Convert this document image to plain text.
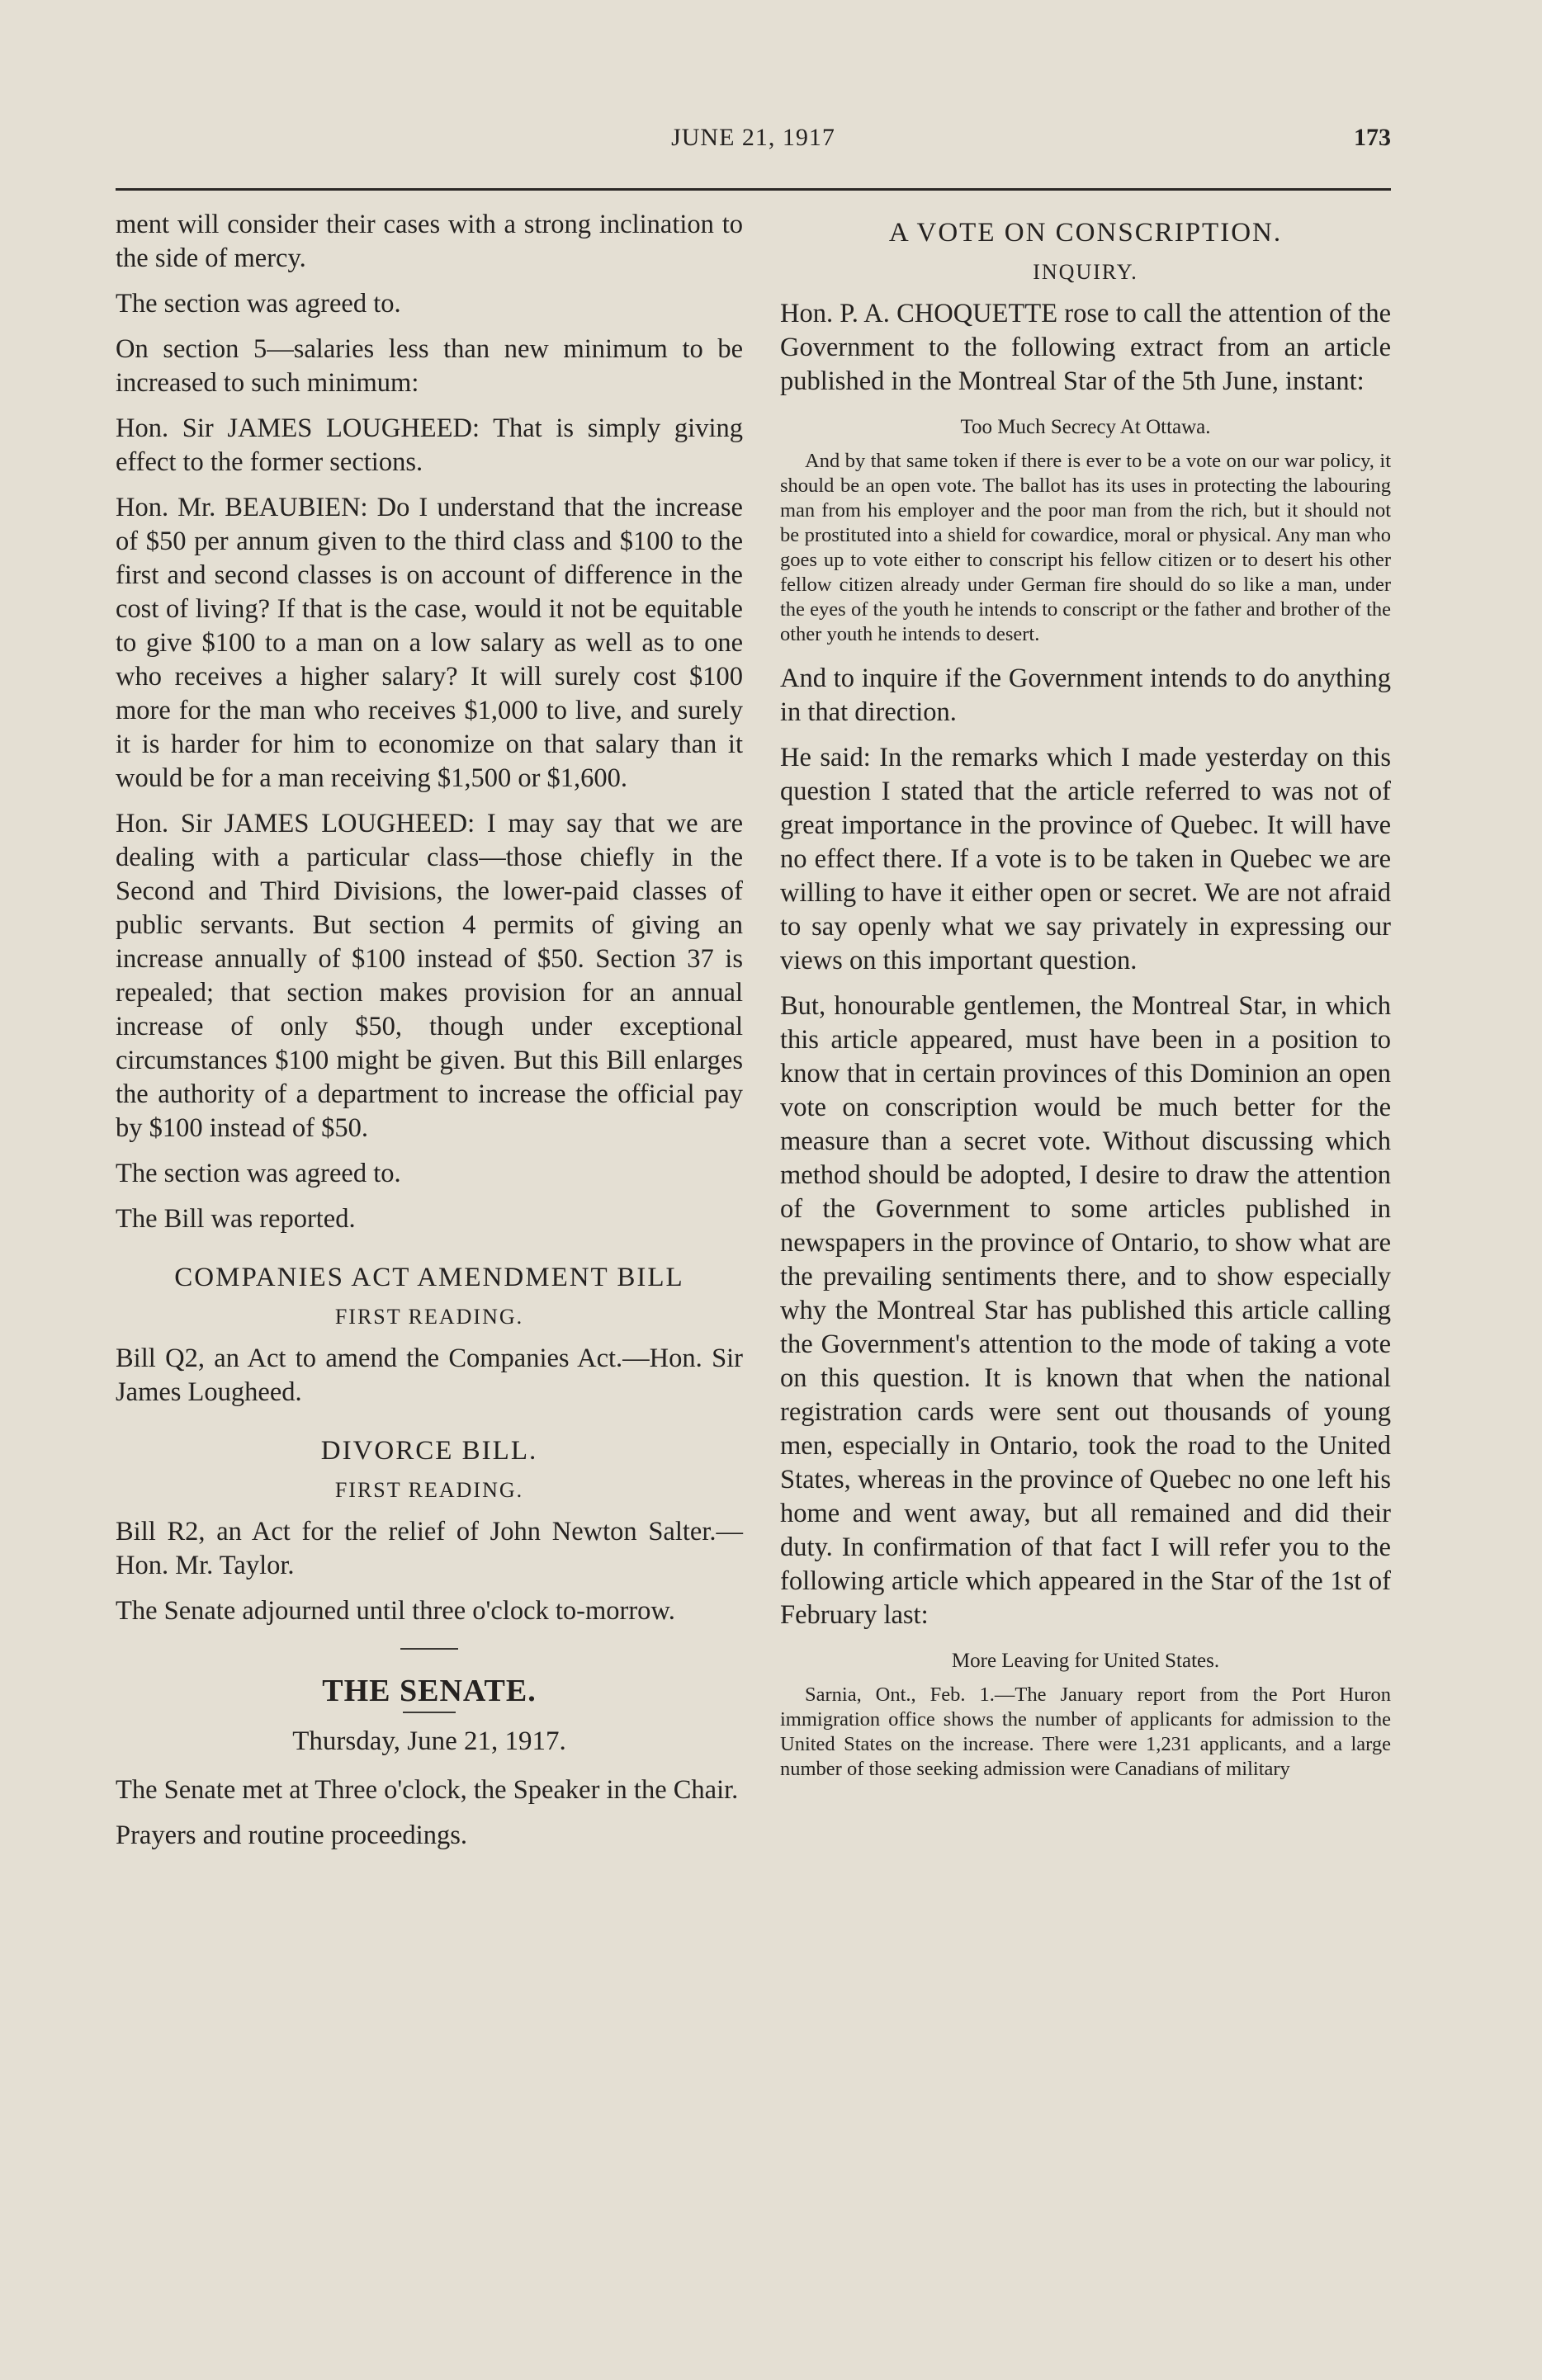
JUNE 21, 1917	173

ment will consider their cases with a strong inclination to the side of mercy.

The section was agreed to.

On section 5—salaries less than new minimum to be increased to such minimum:

Hon. Sir JAMES LOUGHEED: That is simply giving effect to the former sections.

Hon. Mr. BEAUBIEN: Do I understand that the increase of $50 per annum given to the third class and $100 to the first and second classes is on account of difference in the cost of living? If that is the case, would it not be equitable to give $100 to a man on a low salary as well as to one who receives a higher salary? It will surely cost $100 more for the man who receives $1,000 to live, and surely it is harder for him to economize on that salary than it would be for a man receiving $1,500 or $1,600.

Hon. Sir JAMES LOUGHEED: I may say that we are dealing with a particular class—those chiefly in the Second and Third Divisions, the lower-paid classes of public servants. But section 4 permits of giving an increase annually of $100 instead of $50. Section 37 is repealed; that section makes provision for an annual increase of only $50, though under exceptional circumstances $100 might be given. But this Bill enlarges the authority of a department to increase the official pay by $100 instead of $50.

The section was agreed to.

The Bill was reported.

COMPANIES ACT AMENDMENT BILL
FIRST READING.

Bill Q2, an Act to amend the Companies Act.—Hon. Sir James Lougheed.

DIVORCE BILL.
FIRST READING.

Bill R2, an Act for the relief of John Newton Salter.—Hon. Mr. Taylor.

The Senate adjourned until three o'clock to-morrow.

THE SENATE.
Thursday, June 21, 1917.

The Senate met at Three o'clock, the Speaker in the Chair.

Prayers and routine proceedings.

A VOTE ON CONSCRIPTION.
INQUIRY.

Hon. P. A. CHOQUETTE rose to call the attention of the Government to the following extract from an article published in the Montreal Star of the 5th June, instant:

Too Much Secrecy At Ottawa.
And by that same token if there is ever to be a vote on our war policy, it should be an open vote. The ballot has its uses in protecting the labouring man from his employer and the poor man from the rich, but it should not be prostituted into a shield for cowardice, moral or physical. Any man who goes up to vote either to conscript his fellow citizen or to desert his other fellow citizen already under German fire should do so like a man, under the eyes of the youth he intends to conscript or the father and brother of the other youth he intends to desert.

And to inquire if the Government intends to do anything in that direction.

He said: In the remarks which I made yesterday on this question I stated that the article referred to was not of great importance in the province of Quebec. It will have no effect there. If a vote is to be taken in Quebec we are willing to have it either open or secret. We are not afraid to say openly what we say privately in expressing our views on this important question.

But, honourable gentlemen, the Montreal Star, in which this article appeared, must have been in a position to know that in certain provinces of this Dominion an open vote on conscription would be much better for the measure than a secret vote. Without discussing which method should be adopted, I desire to draw the attention of the Government to some articles published in newspapers in the province of Ontario, to show what are the prevailing sentiments there, and to show especially why the Montreal Star has published this article calling the Government's attention to the mode of taking a vote on this question. It is known that when the national registration cards were sent out thousands of young men, especially in Ontario, took the road to the United States, whereas in the province of Quebec no one left his home and went away, but all remained and did their duty. In confirmation of that fact I will refer you to the following article which appeared in the Star of the 1st of February last:

More Leaving for United States.
Sarnia, Ont., Feb. 1.—The January report from the Port Huron immigration office shows the number of applicants for admission to the United States on the increase. There were 1,231 applicants, and a large number of those seeking admission were Canadians of military
